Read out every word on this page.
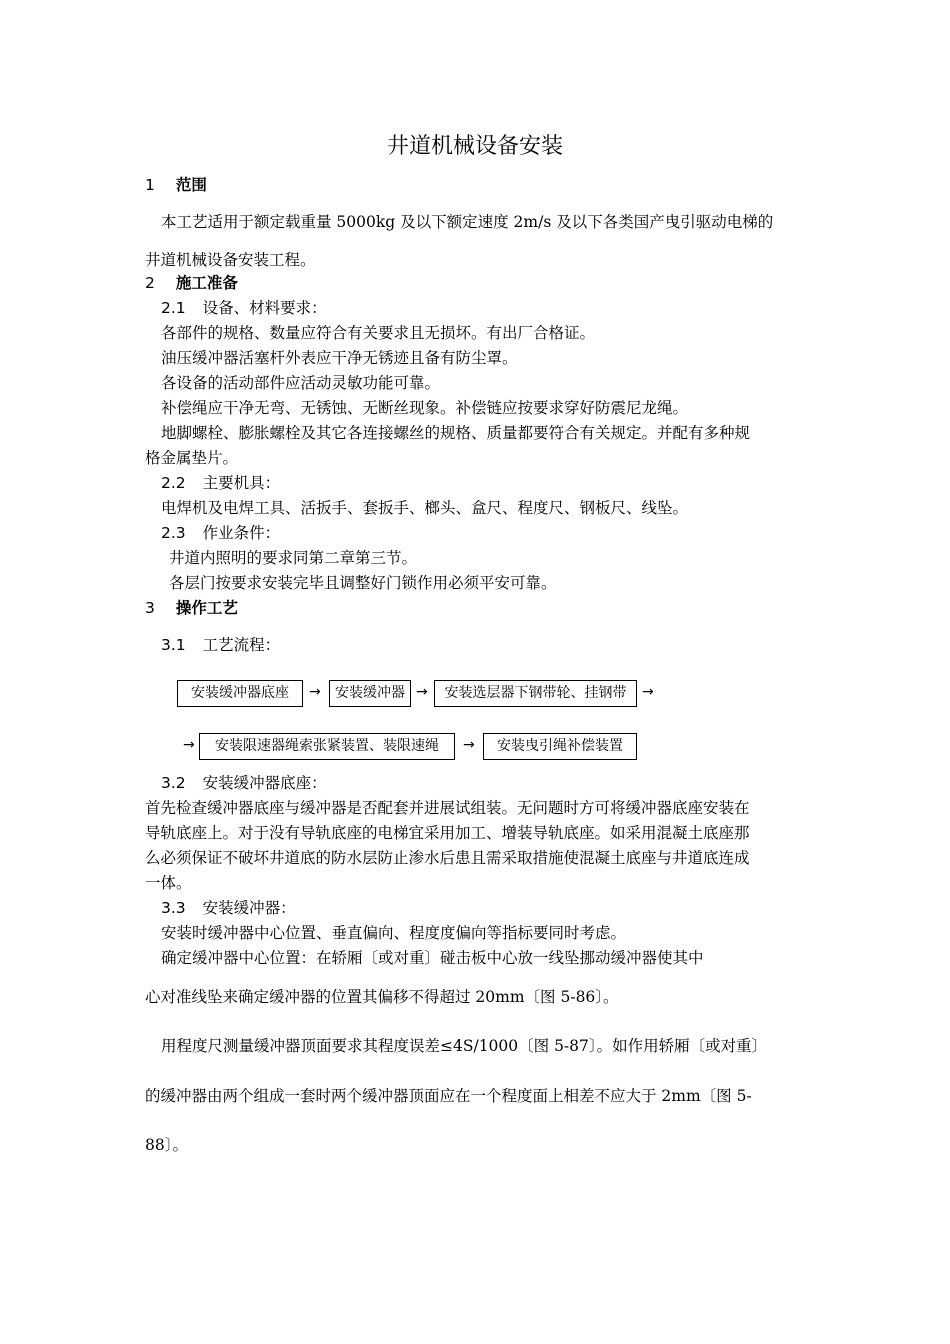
井道机械设备安装
1 范围
本工艺适用于额定载重量 5000kg 及以下额定速度 2m/s 及以下各类国产曳引驱动电梯的
井道机械设备安装工程。
2 施工准备
2.1 设备、材料要求：
各部件的规格、数量应符合有关要求且无损坏。有出厂合格证。
油压缓冲器活塞杆外表应干净无锈迹且备有防尘罩。
各设备的活动部件应活动灵敏功能可靠。
补偿绳应干净无弯、无锈蚀、无断丝现象。补偿链应按要求穿好防震尼龙绳。
地脚螺栓、膨胀螺栓及其它各连接螺丝的规格、质量都要符合有关规定。并配有多种规
格金属垫片。
2.2 主要机具：
电焊机及电焊工具、活扳手、套扳手、榔头、盒尺、程度尺、钢板尺、线坠。
2.3 作业条件：
井道内照明的要求同第二章第三节。
各层门按要求安装完毕且调整好门锁作用必须平安可靠。
3 操作工艺
3.1 工艺流程：
安装缓冲器底座	→	安装缓冲器 →	安装选层器下钢带轮、挂钢带	→
→	安装限速器绳索张紧装置、装限速绳	→	安装曳引绳补偿装置
3.2 安装缓冲器底座：
首先检查缓冲器底座与缓冲器是否配套并进展试组装。无问题时方可将缓冲器底座安装在
导轨底座上。对于没有导轨底座的电梯宜采用加工、增装导轨底座。如采用混凝土底座那
么必须保证不破坏井道底的防水层防止渗水后患且需采取措施使混凝土底座与井道底连成
一体。
3.3 安装缓冲器：
安装时缓冲器中心位置、垂直偏向、程度度偏向等指标要同时考虑。
确定缓冲器中心位置：在轿厢〔或对重〕碰击板中心放一线坠挪动缓冲器使其中
心对准线坠来确定缓冲器的位置其偏移不得超过 20mm〔图 5-86〕。
用程度尺测量缓冲器顶面要求其程度误差≤4S/1000〔图 5-87〕。如作用轿厢〔或对重〕
的缓冲器由两个组成一套时两个缓冲器顶面应在一个程度面上相差不应大于 2mm〔图 5-
88〕。
